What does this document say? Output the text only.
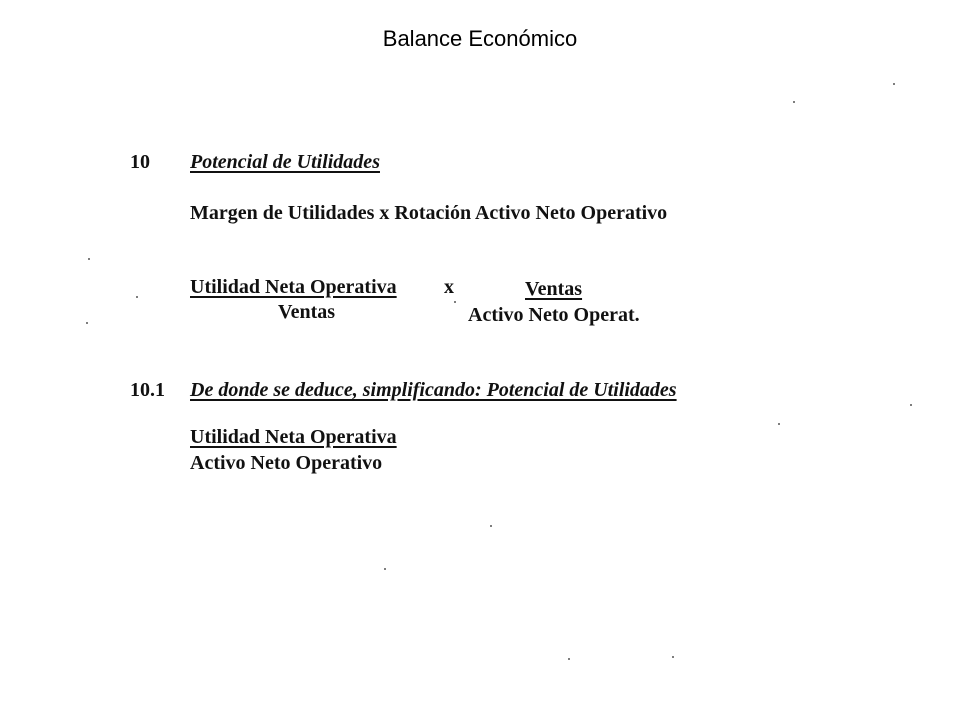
Balance Económico
10 Potencial de Utilidades
Margen de Utilidades x Rotación Activo Neto Operativo
Utilidad Neta Operativa
Ventas
x	Ventas
Activo Neto Operat.
10.1 De donde se deduce, simplificando: Potencial de Utilidades
Utilidad Neta Operativa
Activo Neto Operativo
